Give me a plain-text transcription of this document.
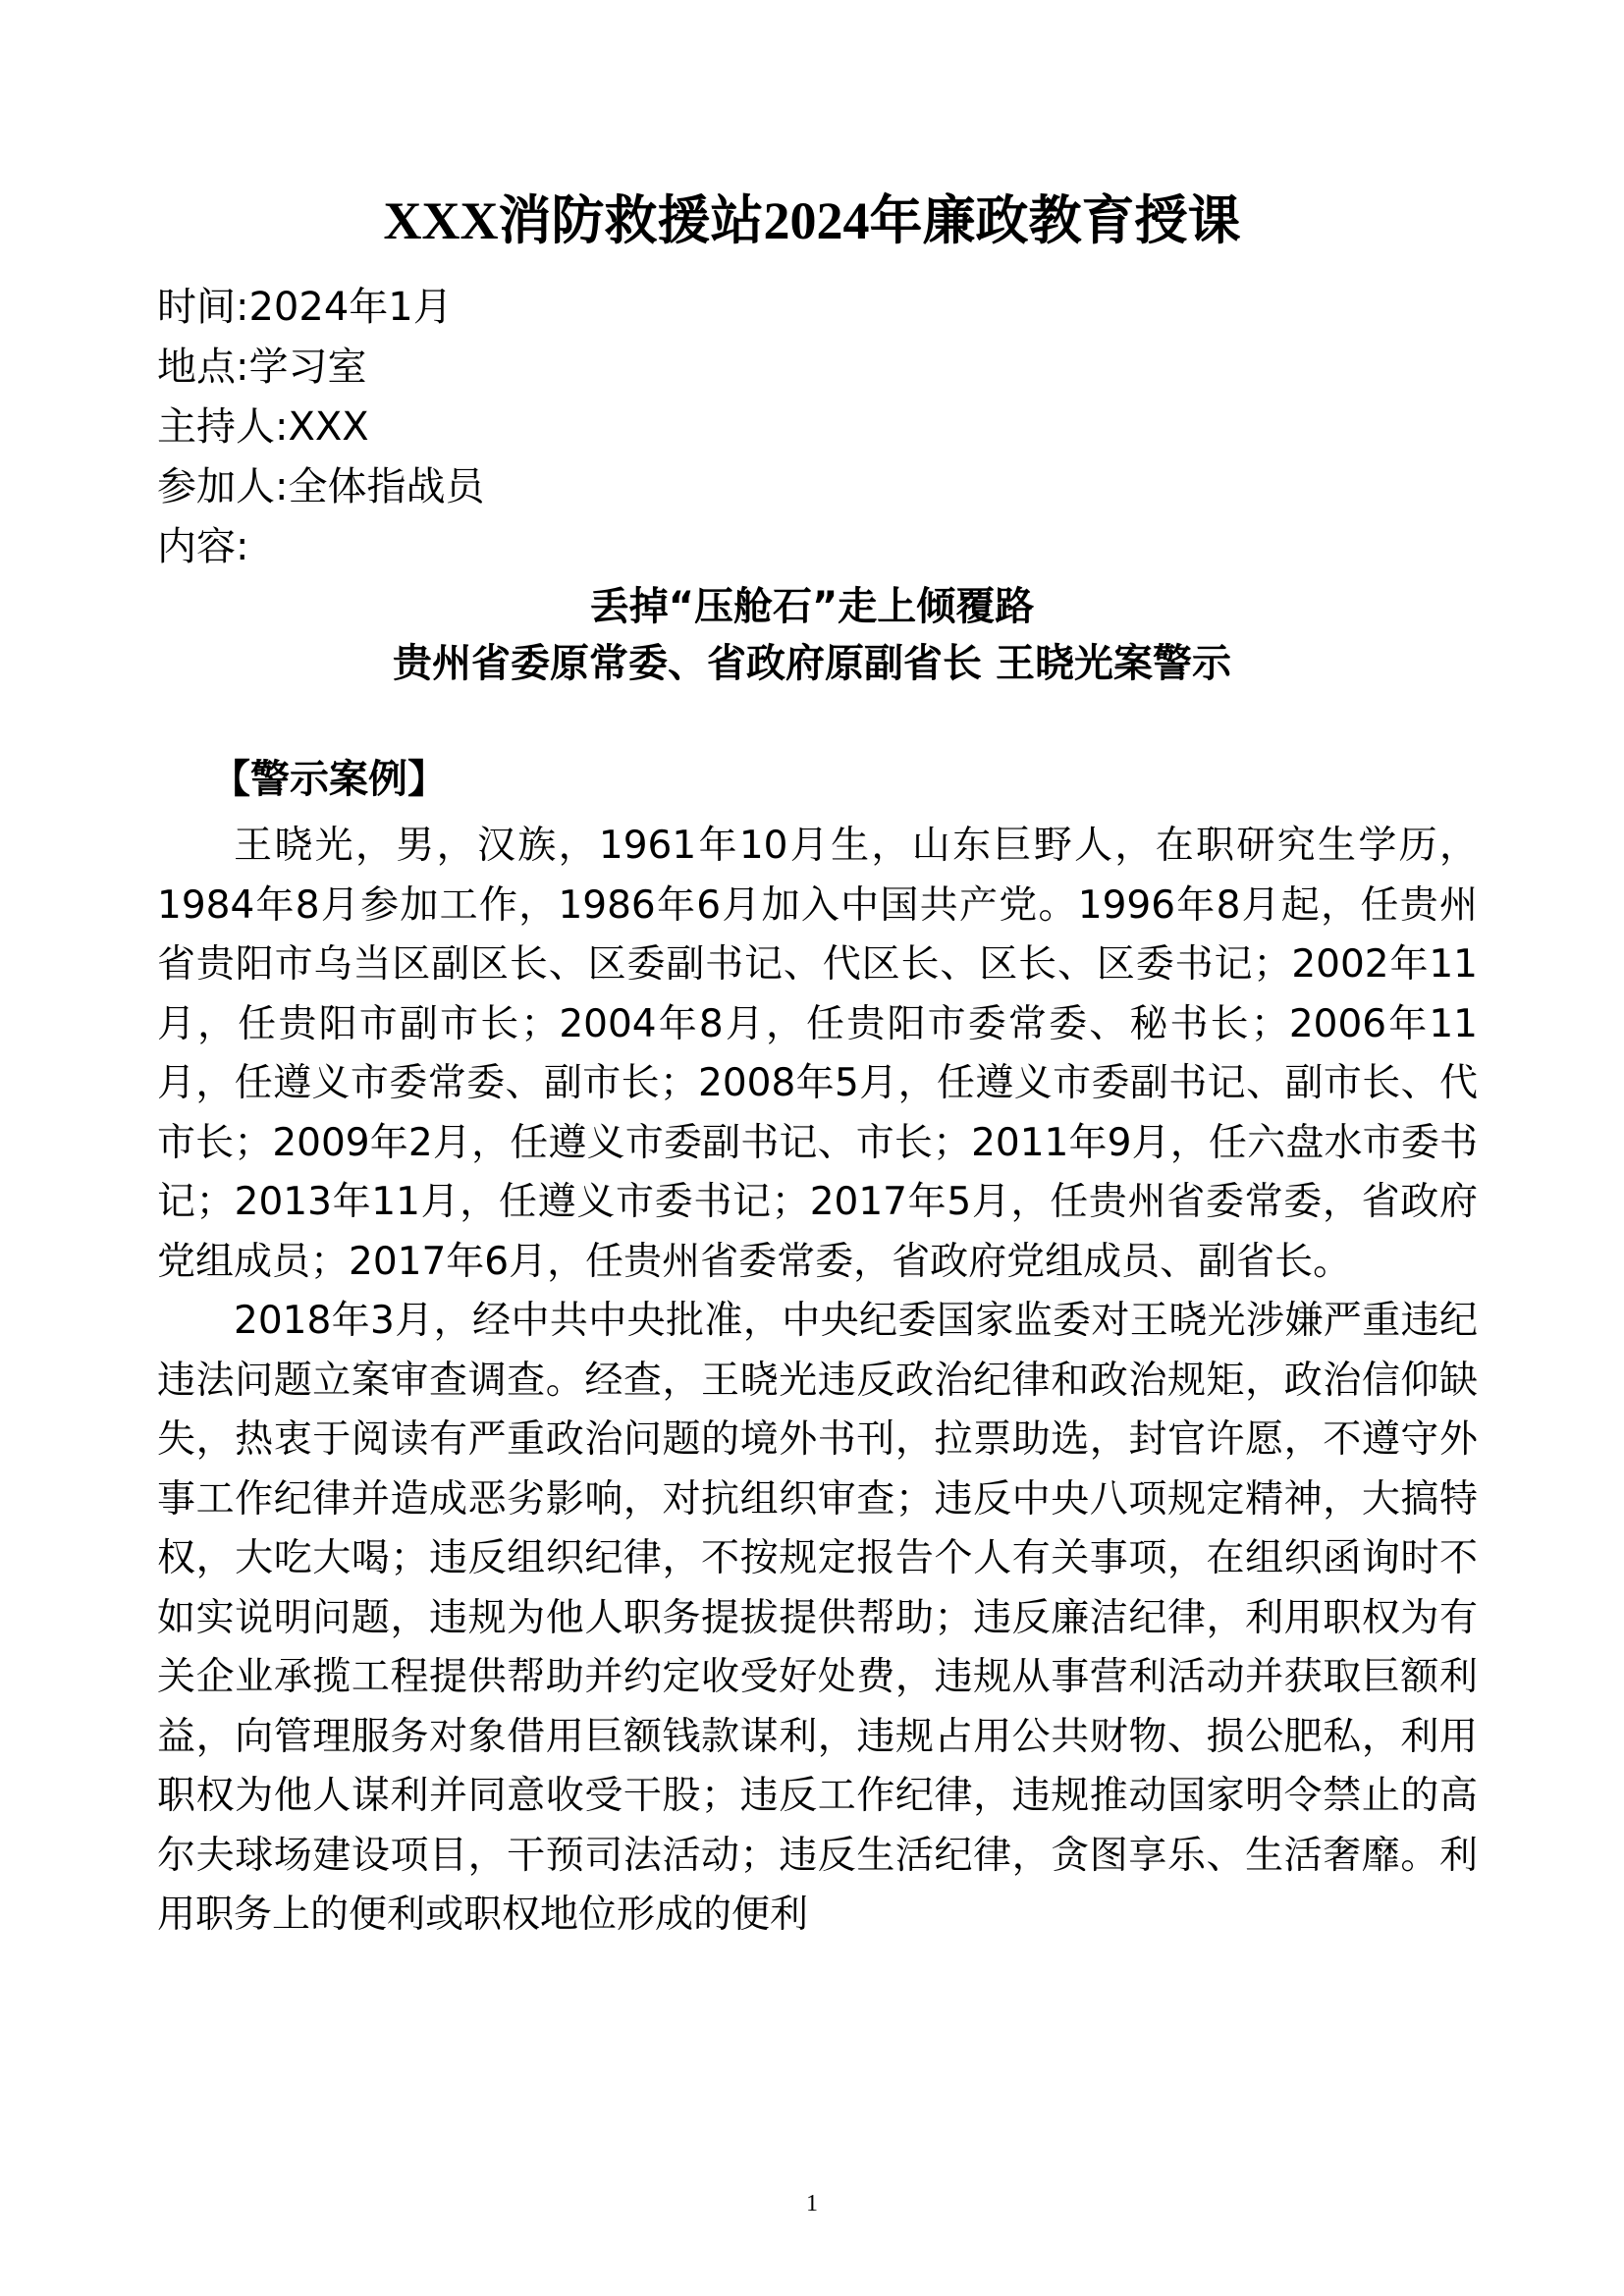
XXX消防救援站2024年廉政教育授课
时间:2024年1月
地点:学习室
主持人:XXX
参加人:全体指战员
内容:
丢掉“压舱石”走上倾覆路
贵州省委原常委、省政府原副省长 王晓光案警示
【警示案例】

王晓光，男，汉族，1961年10月生，山东巨野人，在职研究生学历，1984年8月参加工作，1986年6月加入中国共产党。1996年8月起，任贵州省贵阳市乌当区副区长、区委副书记、代区长、区长、区委书记；2002年11月，任贵阳市副市长；2004年8月，任贵阳市委常委、秘书长；2006年11月，任遵义市委常委、副市长；2008年5月，任遵义市委副书记、副市长、代市长；2009年2月，任遵义市委副书记、市长；2011年9月，任六盘水市委书记；2013年11月，任遵义市委书记；2017年5月，任贵州省委常委，省政府党组成员；2017年6月，任贵州省委常委，省政府党组成员、副省长。

2018年3月，经中共中央批准，中央纪委国家监委对王晓光涉嫌严重违纪违法问题立案审查调查。经查，王晓光违反政治纪律和政治规矩，政治信仰缺失，热衷于阅读有严重政治问题的境外书刊，拉票助选，封官许愿，不遵守外事工作纪律并造成恶劣影响，对抗组织审查；违反中央八项规定精神，大搞特权，大吃大喝；违反组织纪律，不按规定报告个人有关事项，在组织函询时不如实说明问题，违规为他人职务提拔提供帮助；违反廉洁纪律，利用职权为有关企业承揽工程提供帮助并约定收受好处费，违规从事营利活动并获取巨额利益，向管理服务对象借用巨额钱款谋利，违规占用公共财物、损公肥私，利用职权为他人谋利并同意收受干股；违反工作纪律，违规推动国家明令禁止的高尔夫球场建设项目，干预司法活动；违反生活纪律，贪图享乐、生活奢靡。利用职务上的便利或职权地位形成的便利

1
